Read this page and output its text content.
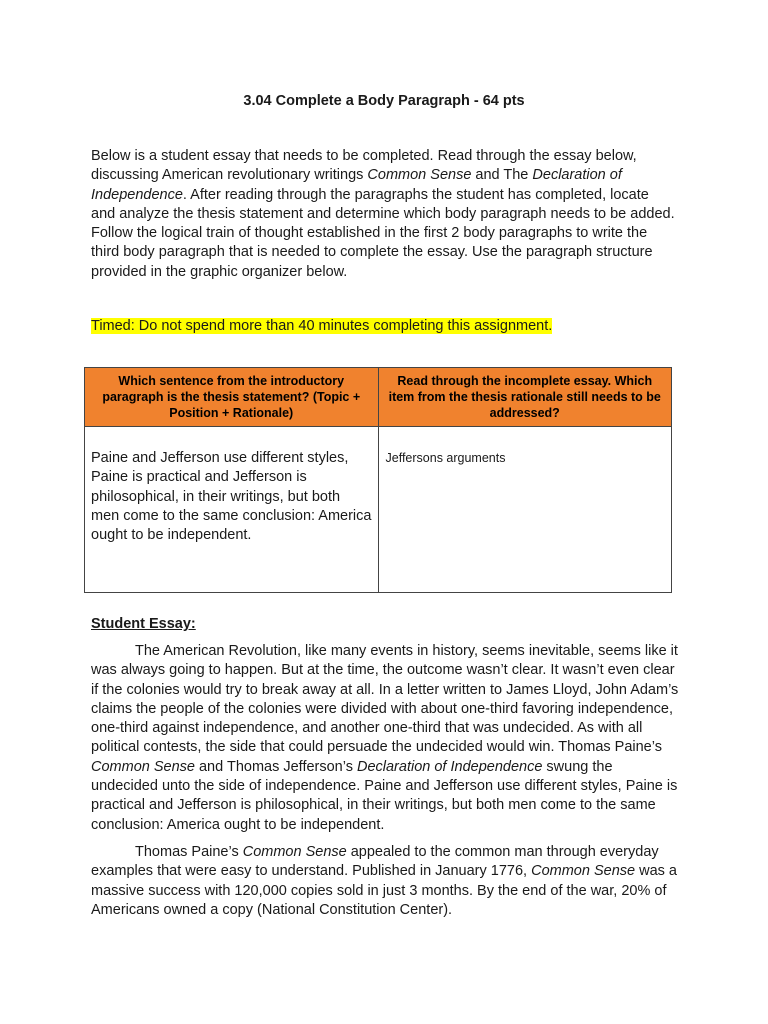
3.04 Complete a Body Paragraph - 64 pts
Below is a student essay that needs to be completed. Read through the essay below, discussing American revolutionary writings Common Sense and The Declaration of Independence. After reading through the paragraphs the student has completed, locate and analyze the thesis statement and determine which body paragraph needs to be added. Follow the logical train of thought established in the first 2 body paragraphs to write the third body paragraph that is needed to complete the essay. Use the paragraph structure provided in the graphic organizer below.
Timed: Do not spend more than 40 minutes completing this assignment.
Which sentence from the introductory paragraph is the thesis statement? (Topic + Position + Rationale)	Read through the incomplete essay. Which item from the thesis rationale still needs to be addressed?

Paine and Jefferson use different styles, Paine is practical and Jefferson is philosophical, in their writings, but both men come to the same conclusion: America ought to be independent.	Jeffersons arguments
Student Essay:

The American Revolution, like many events in history, seems inevitable, seems like it was always going to happen. But at the time, the outcome wasn’t clear. It wasn’t even clear if the colonies would try to break away at all. In a letter written to James Lloyd, John Adam’s claims the people of the colonies were divided with about one-third favoring independence, one-third against independence, and another one-third that was undecided. As with all political contests, the side that could persuade the undecided would win. Thomas Paine’s Common Sense and Thomas Jefferson’s Declaration of Independence swung the undecided unto the side of independence. Paine and Jefferson use different styles, Paine is practical and Jefferson is philosophical, in their writings, but both men come to the same conclusion: America ought to be independent.

Thomas Paine’s Common Sense appealed to the common man through everyday examples that were easy to understand. Published in January 1776, Common Sense was a massive success with 120,000 copies sold in just 3 months. By the end of the war, 20% of Americans owned a copy (National Constitution Center).
